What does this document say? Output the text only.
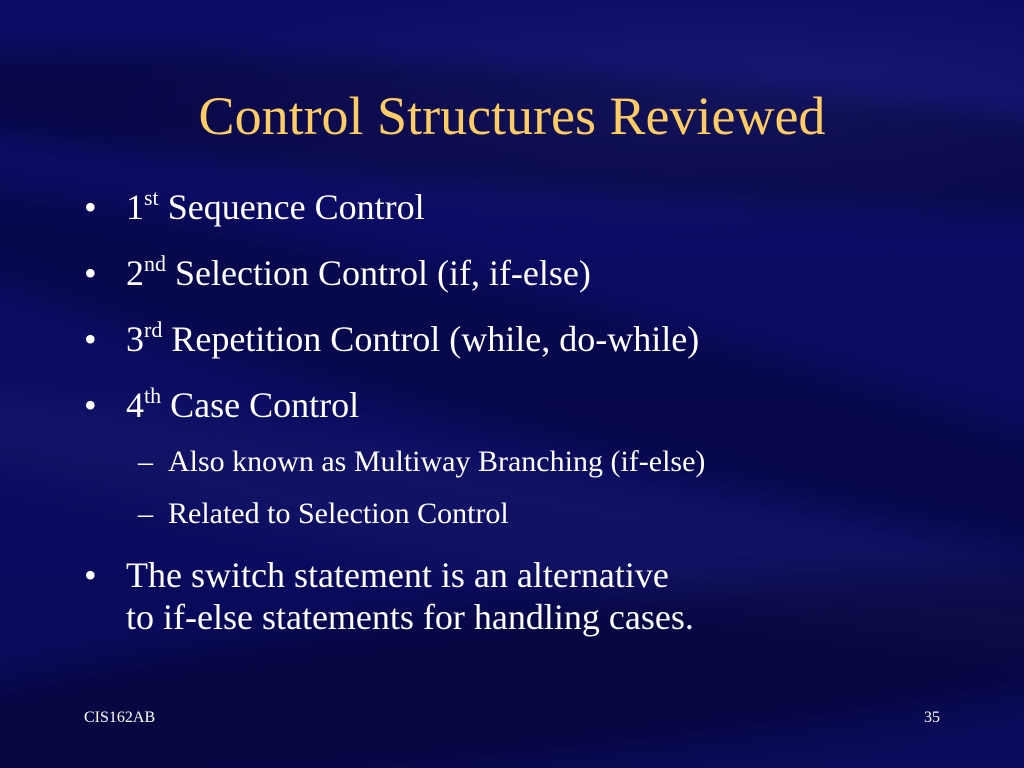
Control Structures Reviewed
• 1st Sequence Control
• 2nd Selection Control (if, if-else)
• 3rd Repetition Control (while, do-while)
• 4th Case Control
– Also known as Multiway Branching (if-else)
– Related to Selection Control
• The switch statement is an alternative
to if-else statements for handling cases.
CIS162AB	35
